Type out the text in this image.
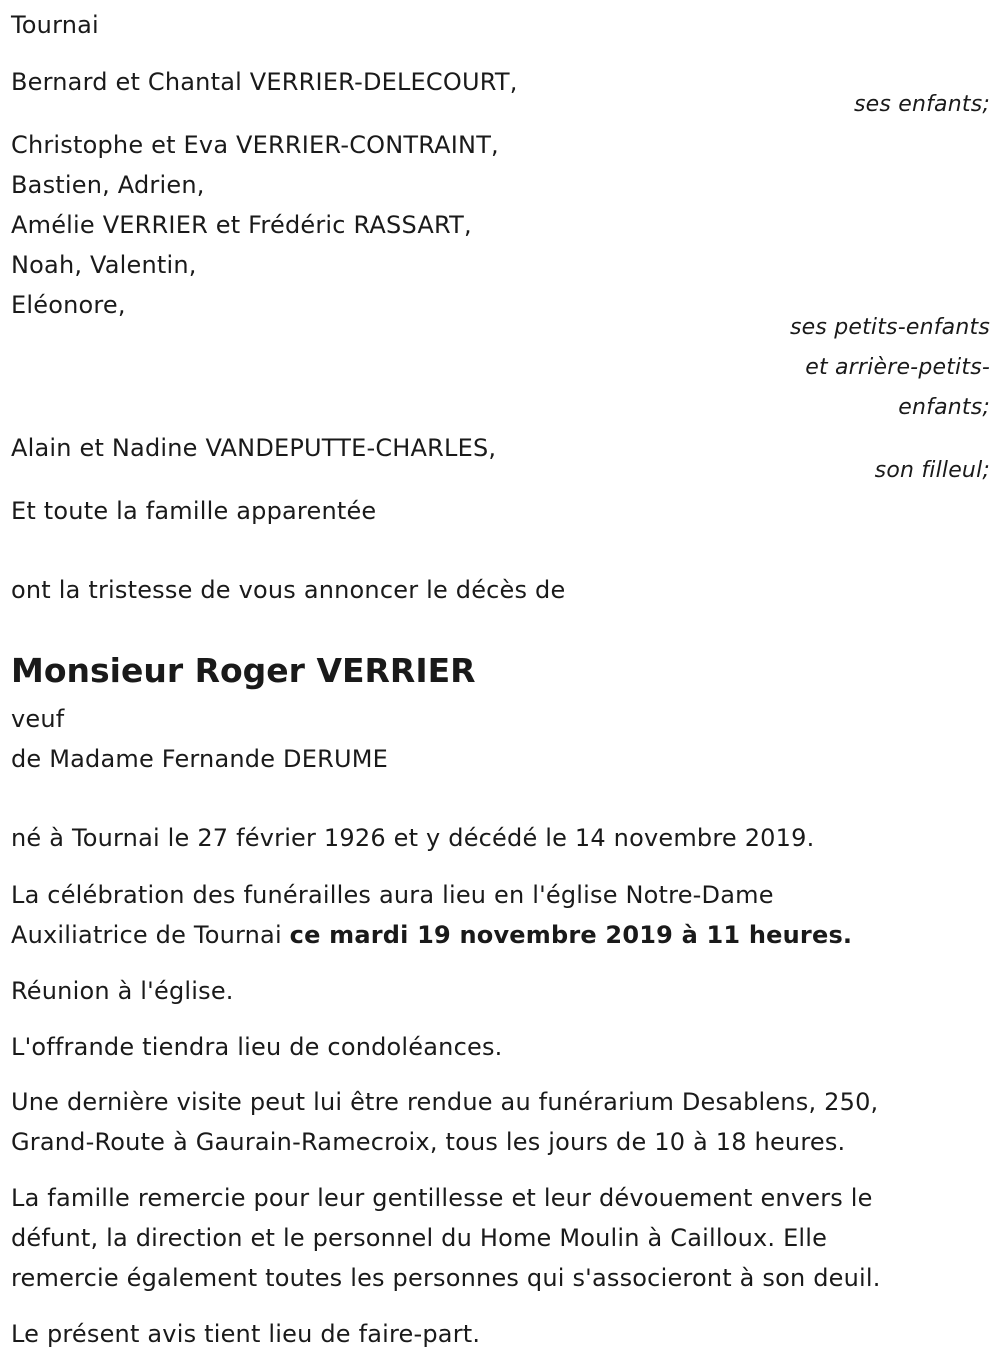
Tournai
Bernard et Chantal VERRIER-DELECOURT,
ses enfants;
Christophe et Eva VERRIER-CONTRAINT,
Bastien, Adrien,
Amélie VERRIER et Frédéric RASSART,
Noah, Valentin,
Eléonore,
ses petits-enfants
et arrière-petits-
enfants;
Alain et Nadine VANDEPUTTE-CHARLES,
son filleul;
Et toute la famille apparentée
ont la tristesse de vous annoncer le décès de
Monsieur Roger VERRIER
veuf
de Madame Fernande DERUME
né à Tournai le 27 février 1926 et y décédé le 14 novembre 2019.
La célébration des funérailles aura lieu en l'église Notre-Dame
Auxiliatrice de Tournai ce mardi 19 novembre 2019 à 11 heures.
Réunion à l'église.
L'offrande tiendra lieu de condoléances.
Une dernière visite peut lui être rendue au funérarium Desablens, 250,
Grand-Route à Gaurain-Ramecroix, tous les jours de 10 à 18 heures.
La famille remercie pour leur gentillesse et leur dévouement envers le
défunt, la direction et le personnel du Home Moulin à Cailloux. Elle
remercie également toutes les personnes qui s'associeront à son deuil.
Le présent avis tient lieu de faire-part.
